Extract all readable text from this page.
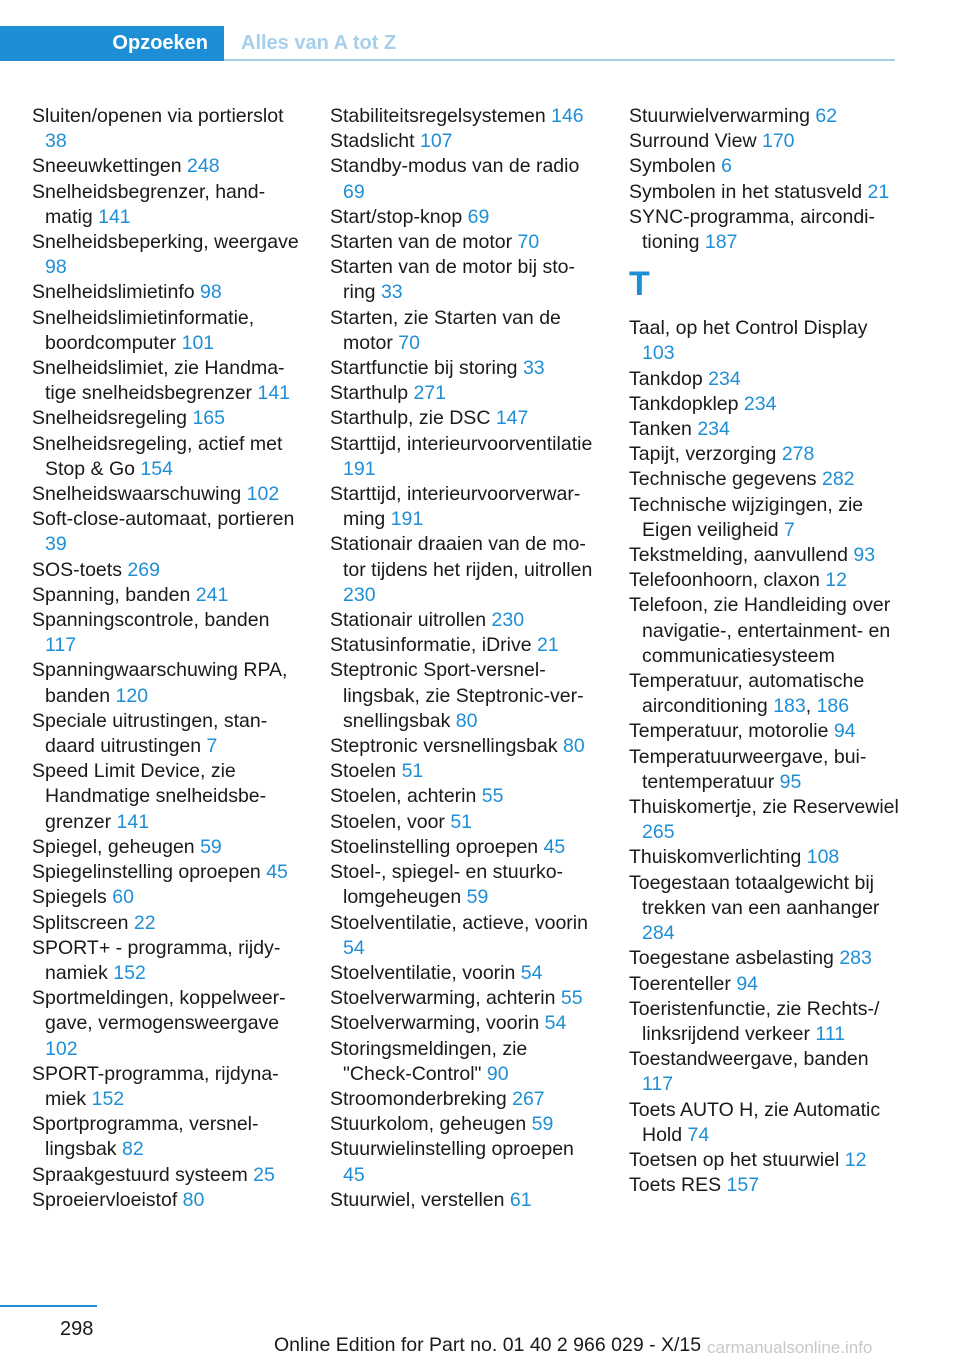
Opzoeken	Alles van A tot Z
Sluiten/openen via portierslot 38
Sneeuwkettingen 248
Snelheidsbegrenzer, handmatig 141
Snelheidsbeperking, weergave 98
Snelheidslimietinfo 98
Snelheidslimietinformatie, boordcomputer 101
Snelheidslimiet, zie Handmatige snelheidsbegrenzer 141
Snelheidsregeling 165
Snelheidsregeling, actief met Stop & Go 154
Snelheidswaarschuwing 102
Soft-close-automaat, portieren 39
SOS-toets 269
Spanning, banden 241
Spanningscontrole, banden 117
Spanningwaarschuwing RPA, banden 120
Speciale uitrustingen, standaard uitrustingen 7
Speed Limit Device, zie Handmatige snelheidsbegrenzer 141
Spiegel, geheugen 59
Spiegelinstelling oproepen 45
Spiegels 60
Splitscreen 22
SPORT+ - programma, rijdynamiek 152
Sportmeldingen, koppelweergave, vermogensweergave 102
SPORT-programma, rijdynamiek 152
Sportprogramma, versnellingsbak 82
Spraakgestuurd systeem 25
Sproeiervloeistof 80
Stabiliteitsregelsystemen 146
Stadslicht 107
Standby-modus van de radio 69
Start/stop-knop 69
Starten van de motor 70
Starten van de motor bij storing 33
Starten, zie Starten van de motor 70
Startfunctie bij storing 33
Starthulp 271
Starthulp, zie DSC 147
Starttijd, interieurvoorventilatie 191
Starttijd, interieurvoorverwarming 191
Stationair draaien van de motor tijdens het rijden, uitrollen 230
Stationair uitrollen 230
Statusinformatie, iDrive 21
Steptronic Sport-versnellingsbak, zie Steptronic-versnellingsbak 80
Steptronic versnellingsbak 80
Stoelen 51
Stoelen, achterin 55
Stoelen, voor 51
Stoelinstelling oproepen 45
Stoel-, spiegel- en stuurkolomgeheugen 59
Stoelventilatie, actieve, voorin 54
Stoelventilatie, voorin 54
Stoelverwarming, achterin 55
Stoelverwarming, voorin 54
Storingsmeldingen, zie "Check-Control" 90
Stroomonderbreking 267
Stuurkolom, geheugen 59
Stuurwielinstelling oproepen 45
Stuurwiel, verstellen 61
Stuurwielverwarming 62
Surround View 170
Symbolen 6
Symbolen in het statusveld 21
SYNC-programma, airconditioning 187
T
Taal, op het Control Display 103
Tankdop 234
Tankdopklep 234
Tanken 234
Tapijt, verzorging 278
Technische gegevens 282
Technische wijzigingen, zie Eigen veiligheid 7
Tekstmelding, aanvullend 93
Telefoonhoorn, claxon 12
Telefoon, zie Handleiding over navigatie-, entertainment- en communicatiesysteem
Temperatuur, automatische airconditioning 183, 186
Temperatuur, motorolie 94
Temperatuurweergave, buitentemperatuur 95
Thuiskomertje, zie Reservewiel 265
Thuiskomverlichting 108
Toegestaan totaalgewicht bij trekken van een aanhanger 284
Toegestane asbelasting 283
Toerenteller 94
Toeristenfunctie, zie Rechts-/ linksrijdend verkeer 111
Toestandweergave, banden 117
Toets AUTO H, zie Automatic Hold 74
Toetsen op het stuurwiel 12
Toets RES 157
298
Online Edition for Part no. 01 40 2 966 029 - X/15 carmanualsonline.info
